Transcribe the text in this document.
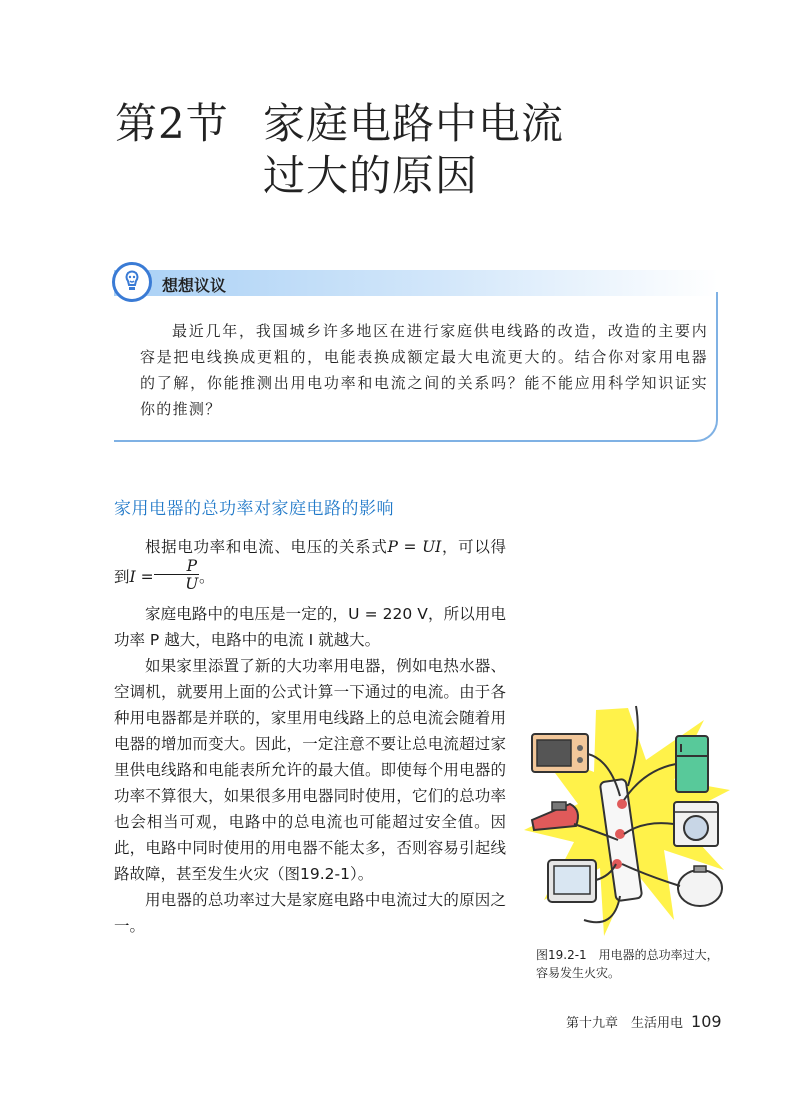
第2节 家庭电路中电流
过大的原因
想想议议

最近几年，我国城乡许多地区在进行家庭供电线路的改造，改造的主要内容是把电线换成更粗的，电能表换成额定最大电流更大的。结合你对家用电器的了解，你能推测出用电功率和电流之间的关系吗？能不能应用科学知识证实你的推测？

家用电器的总功率对家庭电路的影响

根据电功率和电流、电压的关系式P = UI，可以得到$I = \frac{P}{U}$ 。

家庭电路中的电压是一定的，U = 220 V，所以用电功率 P 越大，电路中的电流 I 就越大。

如果家里添置了新的大功率用电器，例如电热水器、空调机，就要用上面的公式计算一下通过的电流。由于各种用电器都是并联的，家里用电线路上的总电流会随着用电器的增加而变大。因此，一定注意不要让总电流超过家里供电线路和电能表所允许的最大值。即使每个用电器的功率不算很大，如果很多用电器同时使用，它们的总功率也会相当可观，电路中的总电流也可能超过安全值。因此，电路中同时使用的用电器不能太多，否则容易引起线路故障，甚至发生火灾（图19.2-1）。

用电器的总功率过大是家庭电路中电流过大的原因之一。

图19.2-1　用电器的总功率过大，容易发生火灾。
第十九章　生活用电 109
